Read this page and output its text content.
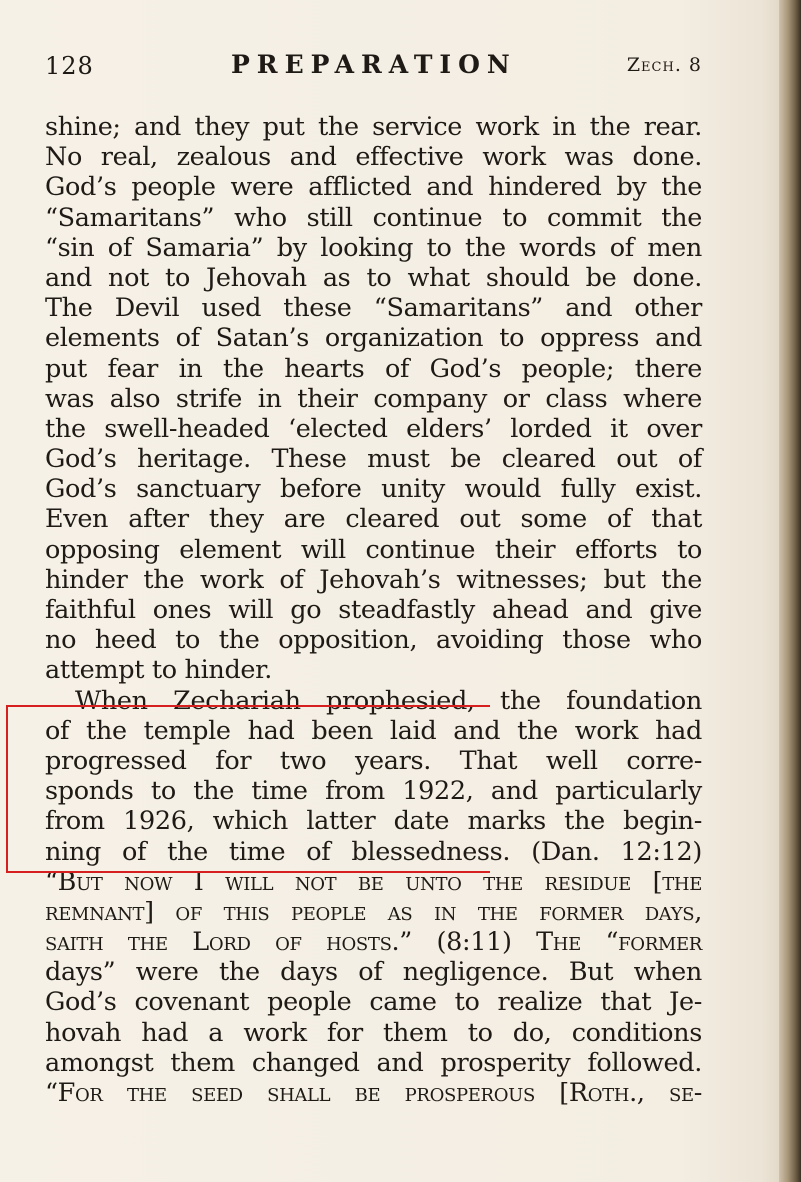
128	PREPARATION	Zech. 8
shine; and they put the service work in the rear.
No real, zealous and effective work was done.
God’s people were afflicted and hindered by the
“Samaritans” who still continue to commit the
“sin of Samaria” by looking to the words of men
and not to Jehovah as to what should be done.
The Devil used these “Samaritans” and other
elements of Satan’s organization to oppress and
put fear in the hearts of God’s people; there
was also strife in their company or class where
the swell-headed ‘elected elders’ lorded it over
God’s heritage. These must be cleared out of
God’s sanctuary before unity would fully exist.
Even after they are cleared out some of that
opposing element will continue their efforts to
hinder the work of Jehovah’s witnesses; but the
faithful ones will go steadfastly ahead and give
no heed to the opposition, avoiding those who
attempt to hinder.
When Zechariah prophesied, the foundation
of the temple had been laid and the work had
progressed for two years. That well corre-
sponds to the time from 1922, and particularly
from 1926, which latter date marks the begin-
ning of the time of blessedness. (Dan. 12:12)
“But now I will not be unto the residue [the
remnant] of this people as in the former days,
saith the Lord of hosts.” (8:11) The “former
days” were the days of negligence. But when
God’s covenant people came to realize that Je-
hovah had a work for them to do, conditions
amongst them changed and prosperity followed.
“For the seed shall be prosperous [Roth., se-
